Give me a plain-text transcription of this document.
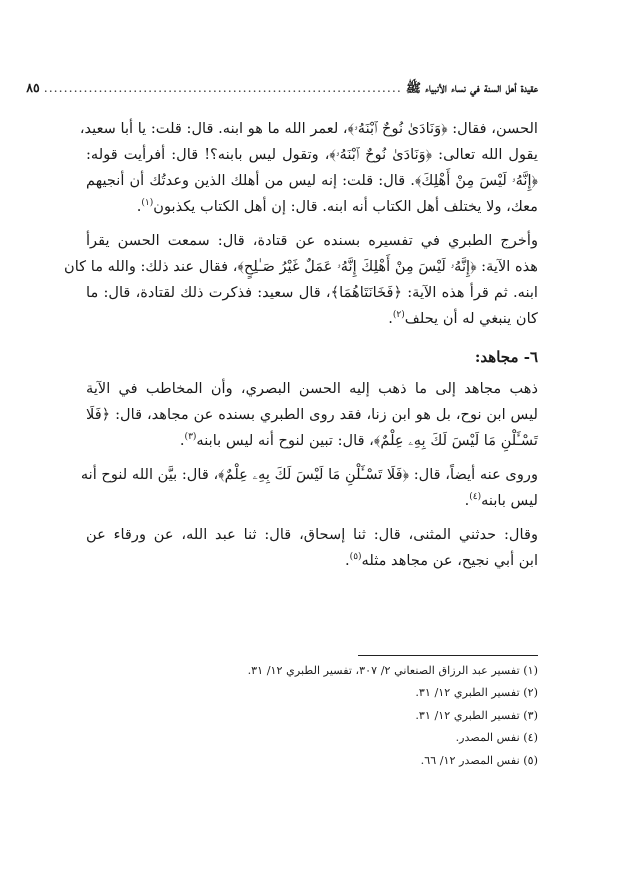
عقيدة أهل السنة في نساء الأنبياء ﷺ
........................................................................
٨٥
الحسن، فقال: ﴿وَنَادَىٰ نُوحٌ ٱبْنَهُۥ﴾، لعمر الله ما هو ابنه. قال: قلت: يا أبا سعيد،
يقول الله تعالى: ﴿وَنَادَىٰ نُوحٌ ٱبْنَهُۥ﴾، وتقول ليس بابنه؟! قال: أفرأيت قوله:
﴿إِنَّهُۥ لَيْسَ مِنْ أَهْلِكَ﴾. قال: قلت: إنه ليس من أهلك الذين وعدتُك أن أنجيهم
معك، ولا يختلف أهل الكتاب أنه ابنه. قال: إن أهل الكتاب يكذبون$^{(١)}$.
وأخرج الطبري في تفسيره بسنده عن قتادة، قال: سمعت الحسن يقرأ
هذه الآية: ﴿إِنَّهُۥ لَيْسَ مِنْ أَهْلِكَ إِنَّهُۥ عَمَلٌ غَيْرُ صَـٰلِحٍ﴾، فقال عند ذلك: والله ما كان
ابنه. ثم قرأ هذه الآية: ﴿فَخَانَتَاهُمَا﴾، قال سعيد: فذكرت ذلك لقتادة، قال: ما
كان ينبغي له أن يحلف$^{(٢)}$.
٦- مجاهد:
ذهب مجاهد إلى ما ذهب إليه الحسن البصري، وأن المخاطب في الآية
ليس ابن نوح، بل هو ابن زنا، فقد روى الطبري بسنده عن مجاهد، قال: ﴿فَلَا
تَسْـَٔلْنِ مَا لَيْسَ لَكَ بِهِۦ عِلْمٌ﴾، قال: تبين لنوح أنه ليس بابنه$^{(٣)}$.
وروى عنه أيضاً، قال: ﴿فَلَا تَسْـَٔلْنِ مَا لَيْسَ لَكَ بِهِۦ عِلْمٌ﴾، قال: بيَّن الله لنوح أنه
ليس بابنه$^{(٤)}$.
وقال: حدثني المثنى، قال: ثنا إسحاق، قال: ثنا عبد الله، عن ورقاء عن
ابن أبي نجيح، عن مجاهد مثله$^{(٥)}$.
(١) تفسير عبد الرزاق الصنعاني ٢/ ٣٠٧، تفسير الطبري ١٢/ ٣١.
(٢) تفسير الطبري ١٢/ ٣١.
(٣) تفسير الطبري ١٢/ ٣١.
(٤) نفس المصدر.
(٥) نفس المصدر ١٢/ ٦٦.
